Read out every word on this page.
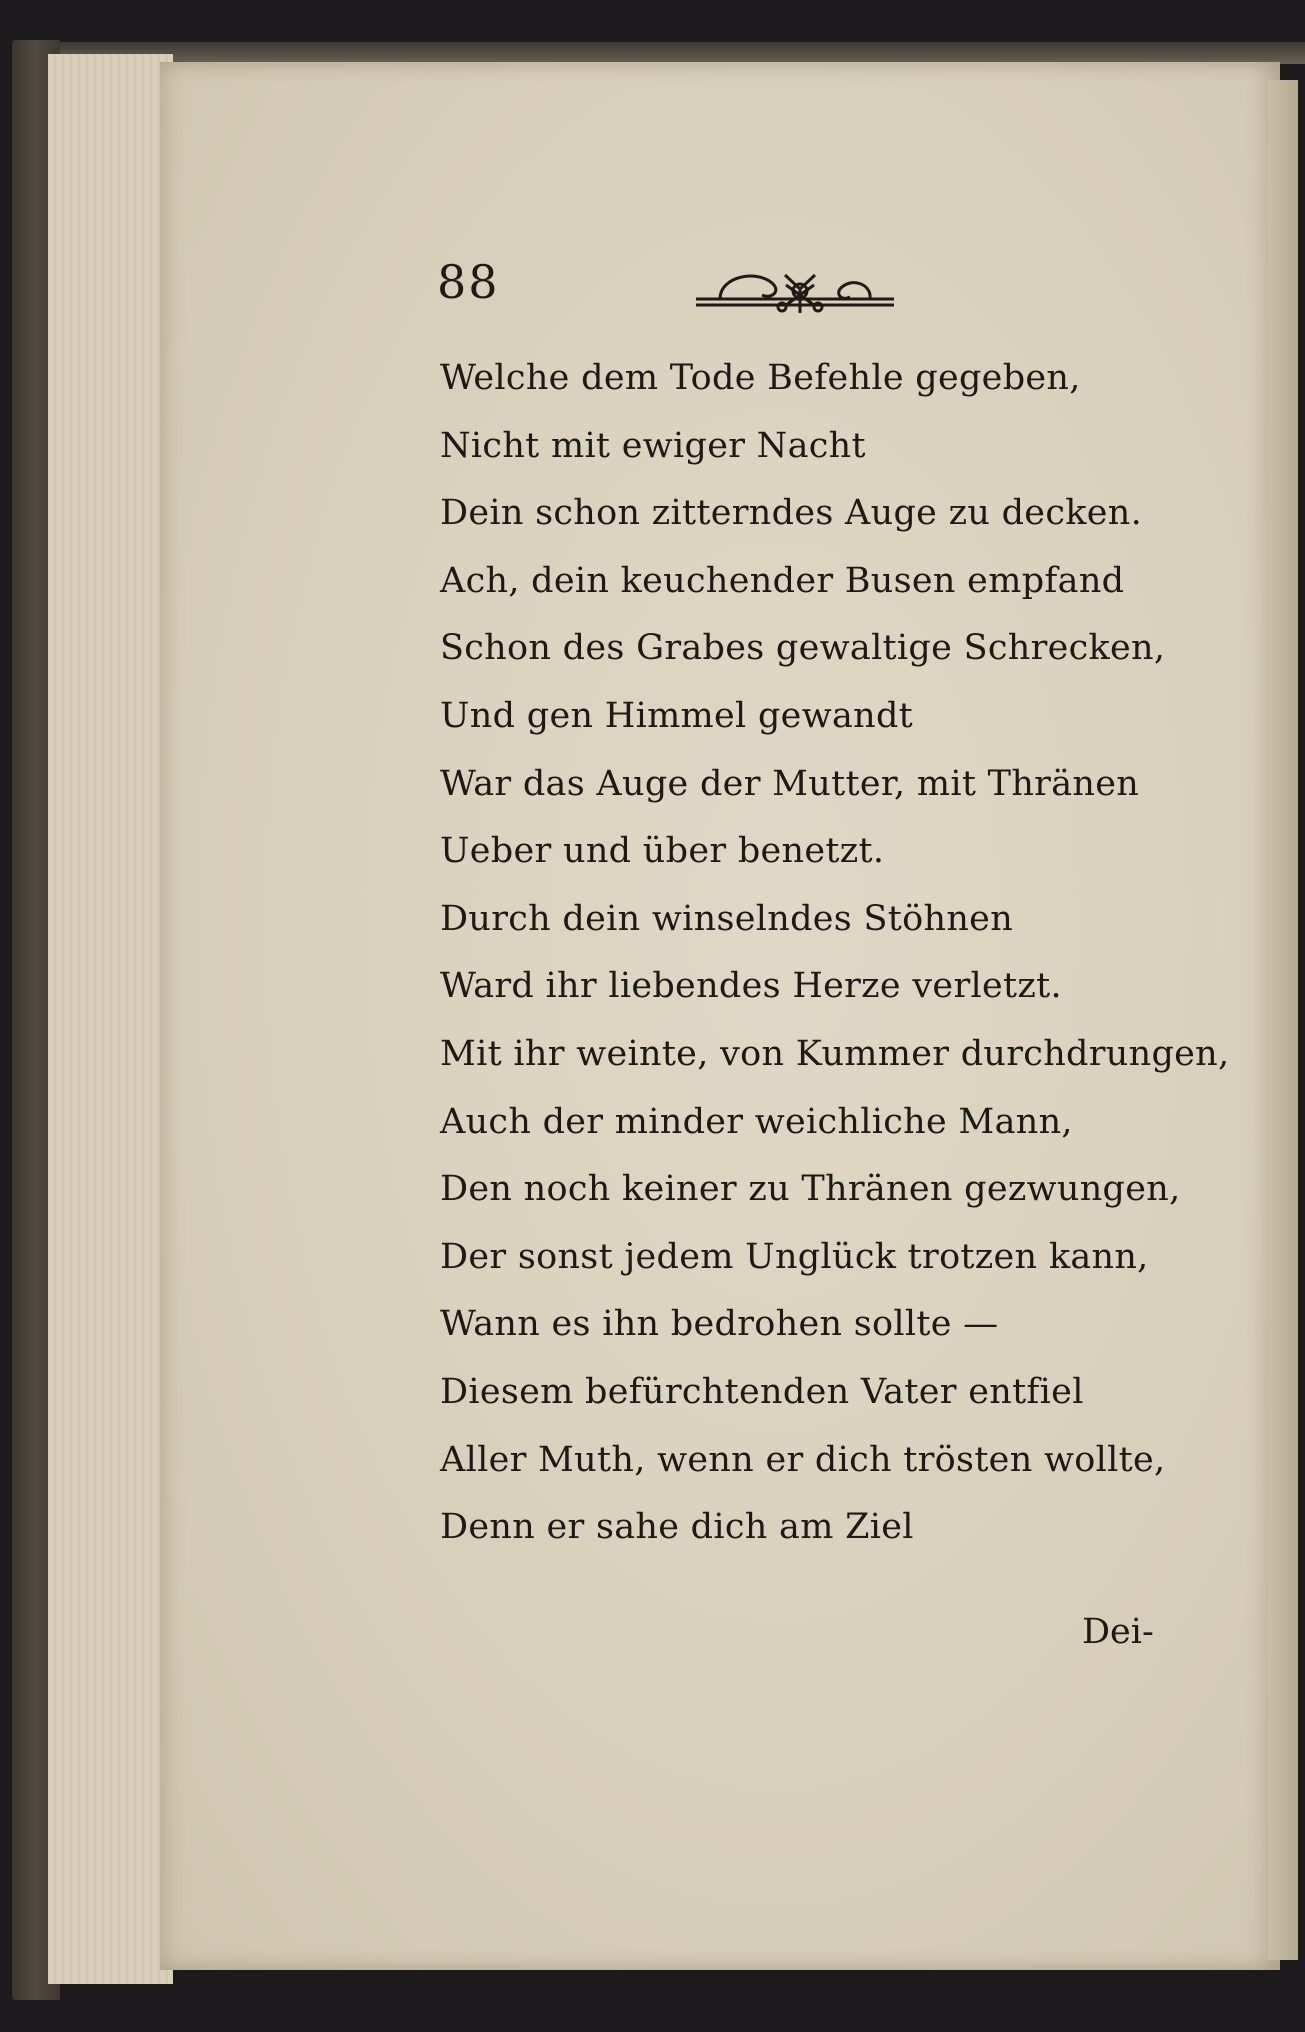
88

Welche dem Tode Befehle gegeben,
Nicht mit ewiger Nacht
Dein schon zitterndes Auge zu decken.
Ach, dein keuchender Busen empfand
Schon des Grabes gewaltige Schrecken,
Und gen Himmel gewandt
War das Auge der Mutter, mit Thränen
Ueber und über benetzt.
Durch dein winselndes Stöhnen
Ward ihr liebendes Herze verletzt.
Mit ihr weinte, von Kummer durchdrungen,
Auch der minder weichliche Mann,
Den noch keiner zu Thränen gezwungen,
Der sonst jedem Unglück trotzen kann,
Wann es ihn bedrohen sollte —
Diesem befürchtenden Vater entfiel
Aller Muth, wenn er dich trösten wollte,
Denn er sahe dich am Ziel

Dei-
